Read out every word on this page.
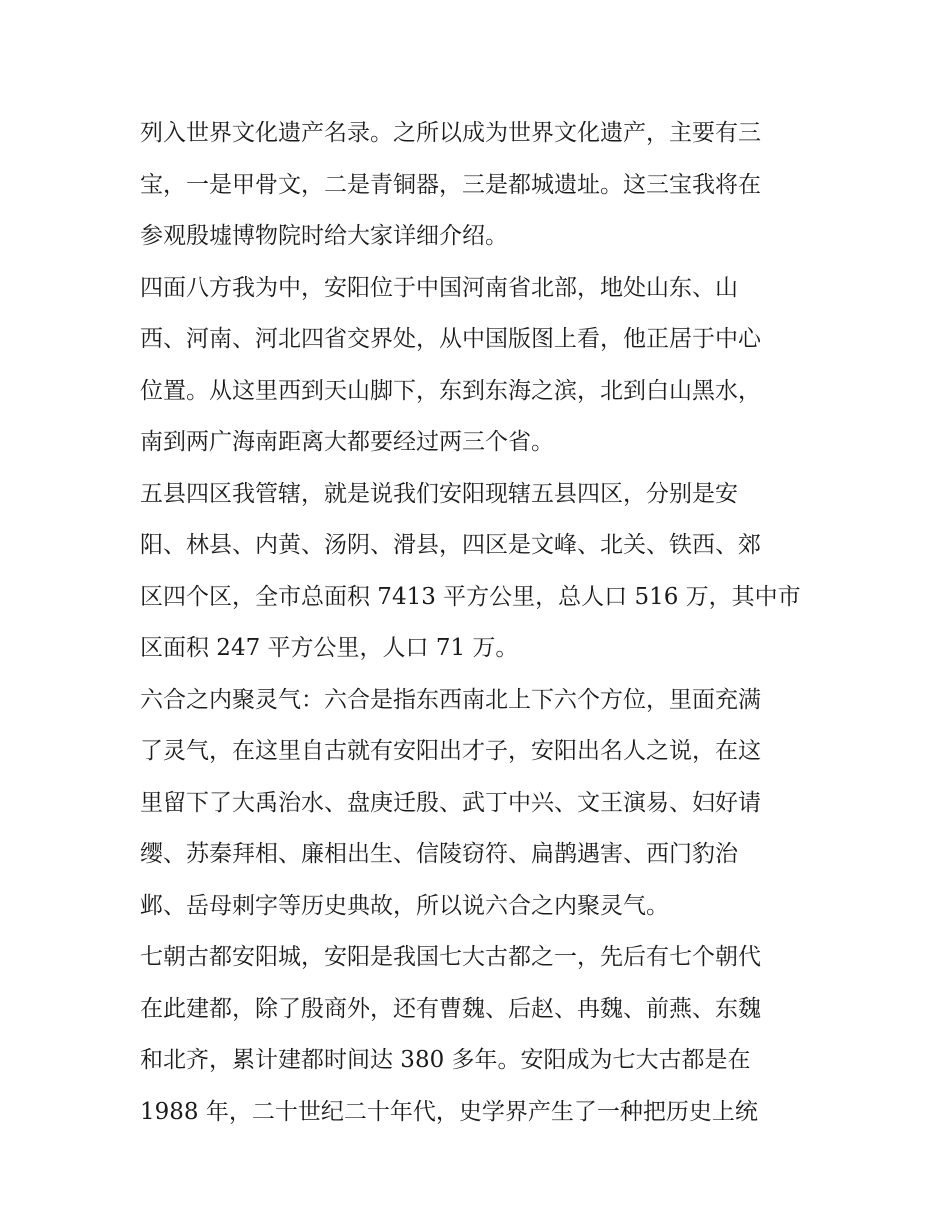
列入世界文化遗产名录。之所以成为世界文化遗产，主要有三
宝，一是甲骨文，二是青铜器，三是都城遗址。这三宝我将在
参观殷墟博物院时给大家详细介绍。
四面八方我为中，安阳位于中国河南省北部，地处山东、山
西、河南、河北四省交界处，从中国版图上看，他正居于中心
位置。从这里西到天山脚下，东到东海之滨，北到白山黑水，
南到两广海南距离大都要经过两三个省。
五县四区我管辖，就是说我们安阳现辖五县四区，分别是安
阳、林县、内黄、汤阴、滑县，四区是文峰、北关、铁西、郊
区四个区，全市总面积 7413 平方公里，总人口 516 万，其中市
区面积 247 平方公里，人口 71 万。
六合之内聚灵气：六合是指东西南北上下六个方位，里面充满
了灵气，在这里自古就有安阳出才子，安阳出名人之说，在这
里留下了大禹治水、盘庚迁殷、武丁中兴、文王演易、妇好请
缨、苏秦拜相、廉相出生、信陵窃符、扁鹊遇害、西门豹治
邺、岳母刺字等历史典故，所以说六合之内聚灵气。
七朝古都安阳城，安阳是我国七大古都之一，先后有七个朝代
在此建都，除了殷商外，还有曹魏、后赵、冉魏、前燕、东魏
和北齐，累计建都时间达 380 多年。安阳成为七大古都是在
1988 年，二十世纪二十年代，史学界产生了一种把历史上统
